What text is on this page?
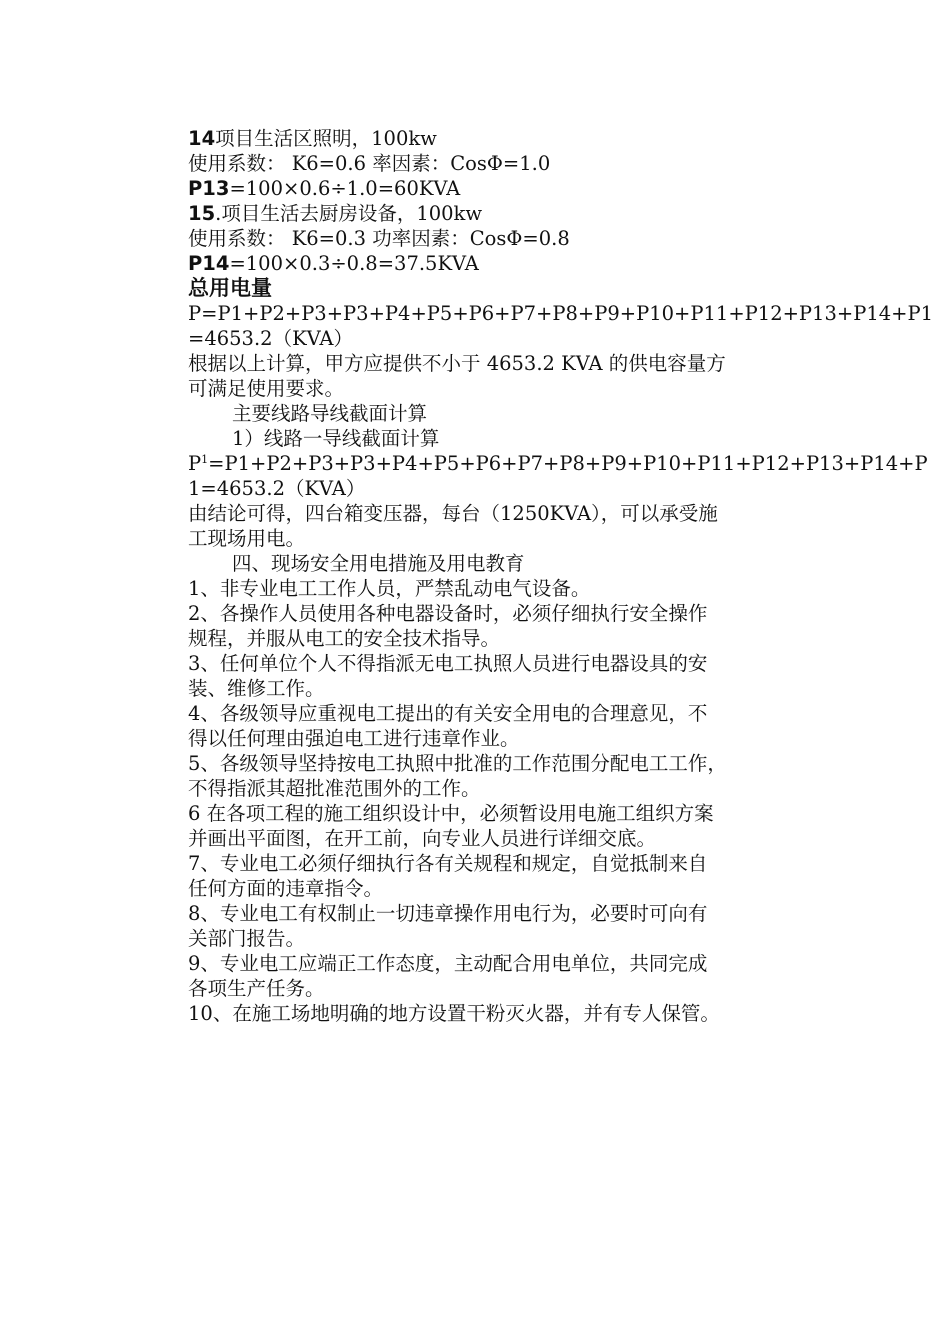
14项目生活区照明，100kw
使用系数： K6=0.6 率因素：CosΦ=1.0
P13=100×0.6÷1.0=60KVA
15.项目生活去厨房设备，100kw
使用系数： K6=0.3 功率因素：CosΦ=0.8
P14=100×0.3÷0.8=37.5KVA
总用电量
P=P1+P2+P3+P3+P4+P5+P6+P7+P8+P9+P10+P11+P12+P13+P14+P1
=4653.2（KVA）
根据以上计算，甲方应提供不小于 4653.2 KVA 的供电容量方
可满足使用要求。
主要线路导线截面计算
1）线路一导线截面计算
$P^1=P1+P2+P3+P3+P4+P5+P6+P7+P8+P9+P10+P11+P12+P13+P14+P$
1=4653.2（KVA）
由结论可得，四台箱变压器，每台（1250KVA），可以承受施
工现场用电。
四、现场安全用电措施及用电教育
1、非专业电工工作人员，严禁乱动电气设备。
2、各操作人员使用各种电器设备时，必须仔细执行安全操作
规程，并服从电工的安全技术指导。
3、任何单位个人不得指派无电工执照人员进行电器设具的安
装、维修工作。
4、各级领导应重视电工提出的有关安全用电的合理意见，不
得以任何理由强迫电工进行违章作业。
5、各级领导坚持按电工执照中批准的工作范围分配电工工作，
不得指派其超批准范围外的工作。
6 在各项工程的施工组织设计中，必须暂设用电施工组织方案
并画出平面图，在开工前，向专业人员进行详细交底。
7、专业电工必须仔细执行各有关规程和规定，自觉抵制来自
任何方面的违章指令。
8、专业电工有权制止一切违章操作用电行为，必要时可向有
关部门报告。
9、专业电工应端正工作态度，主动配合用电单位，共同完成
各项生产任务。
10、在施工场地明确的地方设置干粉灭火器，并有专人保管。
